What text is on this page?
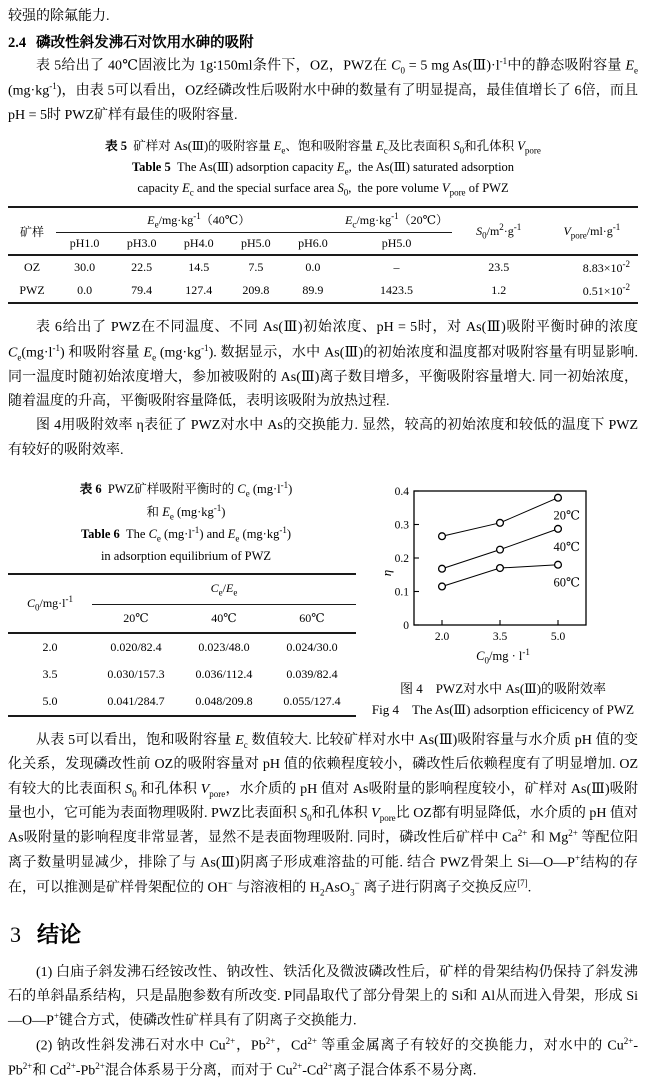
较强的除氟能力.

2.4 磷改性斜发沸石对饮用水砷的吸附

表 5给出了 40℃固液比为 1g∶150ml条件下，OZ，PWZ在 $C_0 = 5$ mg $As(Ⅲ)\cdot l^{-1}$中的静态吸附容量 $E_e$ $(mg\cdot kg^{-1})$，由表 5可以看出，OZ经磷改性后吸附水中砷的数量有了明显提高，最佳值增长了 6倍，而且 pH = 5时 PWZ矿样有最佳的吸附容量.

表 5  矿样对 As(Ⅲ)的吸附容量 $E_e$、饱和吸附容量 $E_c$及比表面积 $S_0$和孔体积 $V_{pore}$
Table 5  The As(Ⅲ) adsorption capacity $E_e$,  the As(Ⅲ) saturated adsorption
capacity $E_c$ and the special surface area $S_0$,  the pore volume $V_{pore}$ of PWZ
矿样	$E_e/mg\cdot kg^{-1}(40℃)$					$E_c/mg\cdot kg^{-1}(20℃)$	$S_0/m^2\cdot g^{-1}$	$V_{pore}/ml\cdot g^{-1}$
	pH1.0	pH3.0	pH4.0	pH5.0	pH6.0	pH5.0		
OZ	30.0	22.5	14.5	7.5	0.0	–	23.5	$8.83\times 10^{-2}$
PWZ	0.0	79.4	127.4	209.8	89.9	1423.5	1.2	$0.51\times 10^{-2}$

表 6给出了 PWZ在不同温度、不同 As(Ⅲ)初始浓度、pH = 5时，对 As(Ⅲ)吸附平衡时砷的浓度 $C_e(mg\cdot l^{-1})$ 和吸附容量 $E_e$ $(mg\cdot kg^{-1})$. 数据显示，水中 As(Ⅲ)的初始浓度和温度都对吸附容量有明显影响. 同一温度时随初始浓度增大，参加被吸附的 As(Ⅲ)离子数目增多，平衡吸附容量增大. 同一初始浓度，随着温度的升高，平衡吸附容量降低，表明该吸附为放热过程.

图 4用吸附效率 η表征了 PWZ对水中 As的交换能力. 显然，较高的初始浓度和较低的温度下 PWZ有较好的吸附效率.

表 6  PWZ矿样吸附平衡时的 $C_e$ $(mg\cdot l^{-1})$
和 $E_e$ $(mg\cdot kg^{-1})$
Table 6  The $C_e$ $(mg\cdot l^{-1})$ and $E_e$ $(mg\cdot kg^{-1})$
in adsorption equilibrium of PWZ
$C_0/mg\cdot l^{-1}$	$C_e/E_e$
	20℃	40℃	60℃
2.0	0.020/82.4	0.023/48.0	0.024/30.0
3.5	0.030/157.3	0.036/112.4	0.039/82.4
5.0	0.041/284.7	0.048/209.8	0.055/127.4
0
0.1
0.2
0.3
0.4
2.0	3.5	5.0
20℃
40℃
60℃
η
$C_0/mg \cdot l^{-1}$
图 4　PWZ对水中 As(Ⅲ)的吸附效率
Fig 4　The As(Ⅲ) adsorption efficicency of PWZ

从表 5可以看出，饱和吸附容量 $E_c$ 数值较大. 比较矿样对水中 As(Ⅲ)吸附容量与水介质 pH 值的变化关系，发现磷改性前 OZ的吸附容量对 pH 值的依赖程度较小，磷改性后依赖程度有了明显增加. OZ有较大的比表面积 $S_0$ 和孔体积 $V_{pore}$，水介质的 pH 值对 As吸附量的影响程度较小，矿样对 As(Ⅲ)吸附量也小，它可能为表面物理吸附. PWZ比表面积 $S_0$和孔体积 $V_{pore}$比 OZ都有明显降低，水介质的 pH 值对 As吸附量的影响程度非常显著，显然不是表面物理吸附. 同时，磷改性后矿样中 $Ca^{2+}$ 和 $Mg^{2+}$ 等配位阳离子数量明显减少，排除了与 As(Ⅲ)阴离子形成难溶盐的可能. 结合 PWZ骨架上 Si—O—P+结构的存在，可以推测是矿样骨架配位的 OH− 与溶液相的 $H_2AsO_3^-$ 离子进行阴离子交换反应[7].

3 结论

(1) 白庙子斜发沸石经铵改性、钠改性、铁活化及微波磷改性后，矿样的骨架结构仍保持了斜发沸石的单斜晶系结构，只是晶胞参数有所改变. P同晶取代了部分骨架上的 Si和 Al从而进入骨架，形成 Si—O—P+键合方式，使磷改性矿样具有了阴离子交换能力.

(2) 钠改性斜发沸石对水中 $Cu^{2+}$，$Pb^{2+}$，$Cd^{2+}$ 等重金属离子有较好的交换能力，对水中的 $Cu^{2+}-Pb^{2+}$和 $Cd^{2+}-Pb^{2+}$混合体系易于分离，而对于 $Cu^{2+}-Cd^{2+}$离子混合体系不易分离.
